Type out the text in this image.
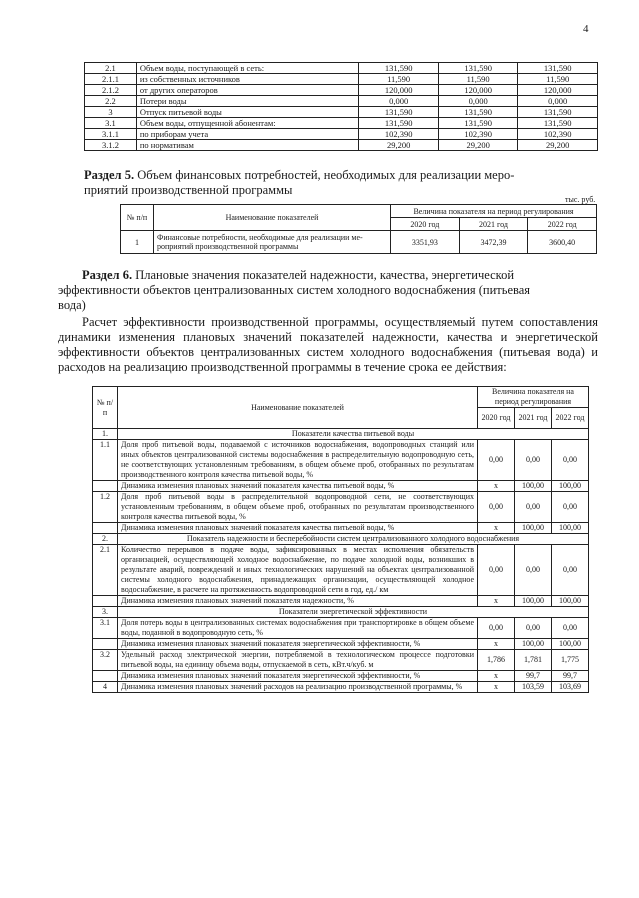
4
2.1	Объем воды, поступающей в сеть:	131,590	131,590	131,590
2.1.1	из собственных источников	11,590	11,590	11,590
2.1.2	от других операторов	120,000	120,000	120,000
2.2	Потери воды	0,000	0,000	0,000
3	Отпуск питьевой воды	131,590	131,590	131,590
3.1	Объем воды, отпущенной абонентам:	131,590	131,590	131,590
3.1.1	по приборам учета	102,390	102,390	102,390
3.1.2	по нормативам	29,200	29,200	29,200
Раздел 5. Объем финансовых потребностей, необходимых для реализации меро-
приятий производственной программы
тыс. руб.
№ п/п	Наименование показателей	Величина показателя на период регулирования		
		2020 год	2021 год	2022 год
1	Финансовые потребности, необходимые для реализации ме-роприятий производственной программы	3351,93	3472,39	3600,40
Раздел 6. Плановые значения показателей надежности, качества, энергетической
эффективности объектов централизованных систем холодного водоснабжения (питьевая
вода)
Расчет эффективности производственной программы, осуществляемый путем сопоставления динамики изменения плановых значений показателей надежности, качества и энергетической эффективности объектов централизованных систем холодного водоснабжения (питьевая вода) и расходов на реализацию производственной программы в течение срока ее действия:
№ п/п	Наименование показателей	Величина показателя на период регулирования		
		2020 год	2021 год	2022 год
1.	Показатели качества питьевой воды			
1.1	Доля проб питьевой воды, подаваемой с источников водоснабжения, водопроводных станций или иных объектов централизованной системы водоснабжения в распределительную водопроводную сеть, не соответствующих установленным требованиям, в общем объеме проб, отобранных по результатам производственного контроля качества питьевой воды, %	0,00	0,00	0,00
	Динамика изменения плановых значений показателя качества питьевой воды, %	х	100,00	100,00
1.2	Доля проб питьевой воды в распределительной водопроводной сети, не соответствующих установленным требованиям, в общем объеме проб, отобранных по результатам производственного контроля качества питьевой воды, %	0,00	0,00	0,00
	Динамика изменения плановых значений показателя качества питьевой воды, %	х	100,00	100,00
2.	Показатель надежности и бесперебойности систем централизованного холодного водоснабжения			
2.1	Количество перерывов в подаче воды, зафиксированных в местах исполнения обязательств организацией, осуществляющей холодное водоснабжение, по подаче холодной воды, возникших в результате аварий, повреждений и иных технологических нарушений на объектах централизованной системы холодного водоснабжения, принадлежащих организации, осуществляющей холодное водоснабжение, в расчете на протяженность водопроводной сети в год, ед./ км	0,00	0,00	0,00
	Динамика изменения плановых значений показателя надежности, %	х	100,00	100,00
3.	Показатели энергетической эффективности			
3.1	Доля потерь воды в централизованных системах водоснабжения при транспортировке в общем объеме воды, поданной в водопроводную сеть, %	0,00	0,00	0,00
	Динамика изменения плановых значений показателя энергетической эффективности, %	х	100,00	100,00
3.2	Удельный расход электрической энергии, потребляемой в технологическом процессе подготовки питьевой воды, на единицу объема воды, отпускаемой в сеть, кВт.ч/куб. м	1,786	1,781	1,775
	Динамика изменения плановых значений показателя энергетической эффективности, %	х	99,7	99,7
4	Динамика изменения плановых значений расходов на реализацию производственной программы, %	х	103,59	103,69
